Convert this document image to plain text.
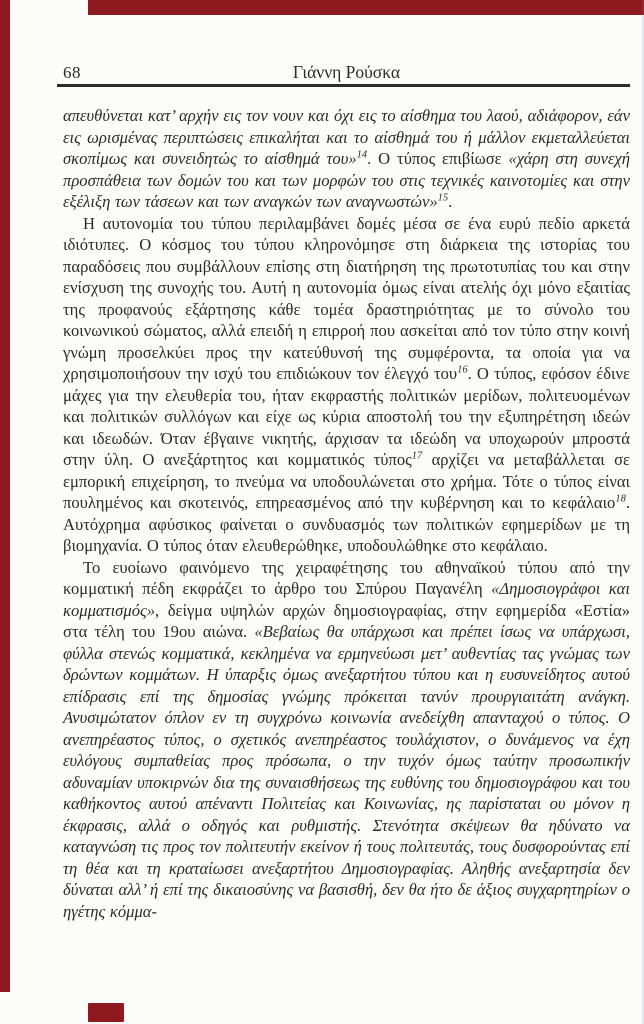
68	Γιάννη Ρούσκα

απευθύνεται κατ’ αρχήν εις τον νουν και όχι εις το αίσθημα του λαού, αδιάφορον, εάν εις ωρισμένας περιπτώσεις επικαλήται και το αίσθημά του ή μάλλον εκμεταλλεύεται σκοπίμως και συνειδητώς το αίσθημά του»$^{14}$. Ο τύπος επιβίωσε «χάρη στη συνεχή προσπάθεια των δομών του και των μορφών του στις τεχνικές καινοτομίες και στην εξέλιξη των τάσεων και των αναγκών των αναγνωστών»$^{15}$.

Η αυτονομία του τύπου περιλαμβάνει δομές μέσα σε ένα ευρύ πεδίο αρκετά ιδιότυπες. Ο κόσμος του τύπου κληρονόμησε στη διάρκεια της ιστορίας του παραδόσεις που συμβάλλουν επίσης στη διατήρηση της πρωτοτυπίας του και στην ενίσχυση της συνοχής του. Αυτή η αυτονομία όμως είναι ατελής όχι μόνο εξαιτίας της προφανούς εξάρτησης κάθε τομέα δραστηριότητας με το σύνολο του κοινωνικού σώματος, αλλά επειδή η επιρροή που ασκείται από τον τύπο στην κοινή γνώμη προσελκύει προς την κατεύθυνσή της συμφέροντα, τα οποία για να χρησιμοποιήσουν την ισχύ του επιδιώκουν τον έλεγχό του$^{16}$. Ο τύπος, εφόσον έδινε μάχες για την ελευθερία του, ήταν εκφραστής πολιτικών μερίδων, πολιτευομένων και πολιτικών συλλόγων και είχε ως κύρια αποστολή του την εξυπηρέτηση ιδεών και ιδεωδών. Όταν έβγαινε νικητής, άρχισαν τα ιδεώδη να υποχωρούν μπροστά στην ύλη. Ο ανεξάρτητος και κομματικός τύπος$^{17}$ αρχίζει να μεταβάλλεται σε εμπορική επιχείρηση, το πνεύμα να υποδουλώνεται στο χρήμα. Τότε ο τύπος είναι πουλημένος και σκοτεινός, επηρεασμένος από την κυβέρνηση και το κεφάλαιο$^{18}$. Αυτόχρημα αφύσικος φαίνεται ο συνδυασμός των πολιτικών εφημερίδων με τη βιομηχανία. Ο τύπος όταν ελευθερώθηκε, υποδουλώθηκε στο κεφάλαιο.

Το ευοίωνο φαινόμενο της χειραφέτησης του αθηναϊκού τύπου από την κομματική πέδη εκφράζει το άρθρο του Σπύρου Παγανέλη «Δημοσιογράφοι και κομματισμός», δείγμα υψηλών αρχών δημοσιογραφίας, στην εφημερίδα «Εστία» στα τέλη του 19ου αιώνα. «Βεβαίως θα υπάρχωσι και πρέπει ίσως να υπάρχωσι, φύλλα στενώς κομματικά, κεκλημένα να ερμηνεύωσι μετ’ αυθεντίας τας γνώμας των δρώντων κομμάτων. Η ύπαρξις όμως ανεξαρτήτου τύπου και η ευσυνείδητος αυτού επίδρασις επί της δημοσίας γνώμης πρόκειται τανύν προυργιαιτάτη ανάγκη. Ανυσιμώτατον όπλον εν τη συγχρόνω κοινωνία ανεδείχθη απανταχού ο τύπος. Ο ανεπηρέαστος τύπος, ο σχετικός ανεπηρέαστος τουλάχιστον, ο δυνάμενος να έχη ευλόγους συμπαθείας προς πρόσωπα, ο την τυχόν όμως ταύτην προσωπικήν αδυναμίαν υποκιρνών δια της συναισθήσεως της ευθύνης του δημοσιογράφου και του καθήκοντος αυτού απέναντι Πολιτείας και Κοινωνίας, ης παρίσταται ου μόνον η έκφρασις, αλλά ο οδηγός και ρυθμιστής. Στενότητα σκέψεων θα ηδύνατο να καταγνώση τις προς τον πολιτευτήν εκείνον ή τους πολιτευτάς, τους δυσφορούντας επί τη θέα και τη κραταίωσει ανεξαρτήτου Δημοσιογραφίας. Αληθής ανεξαρτησία δεν δύναται αλλ’ ή επί της δικαιοσύνης να βασισθή, δεν θα ήτο δε άξιος συγχαρητηρίων ο ηγέτης κόμμα-
